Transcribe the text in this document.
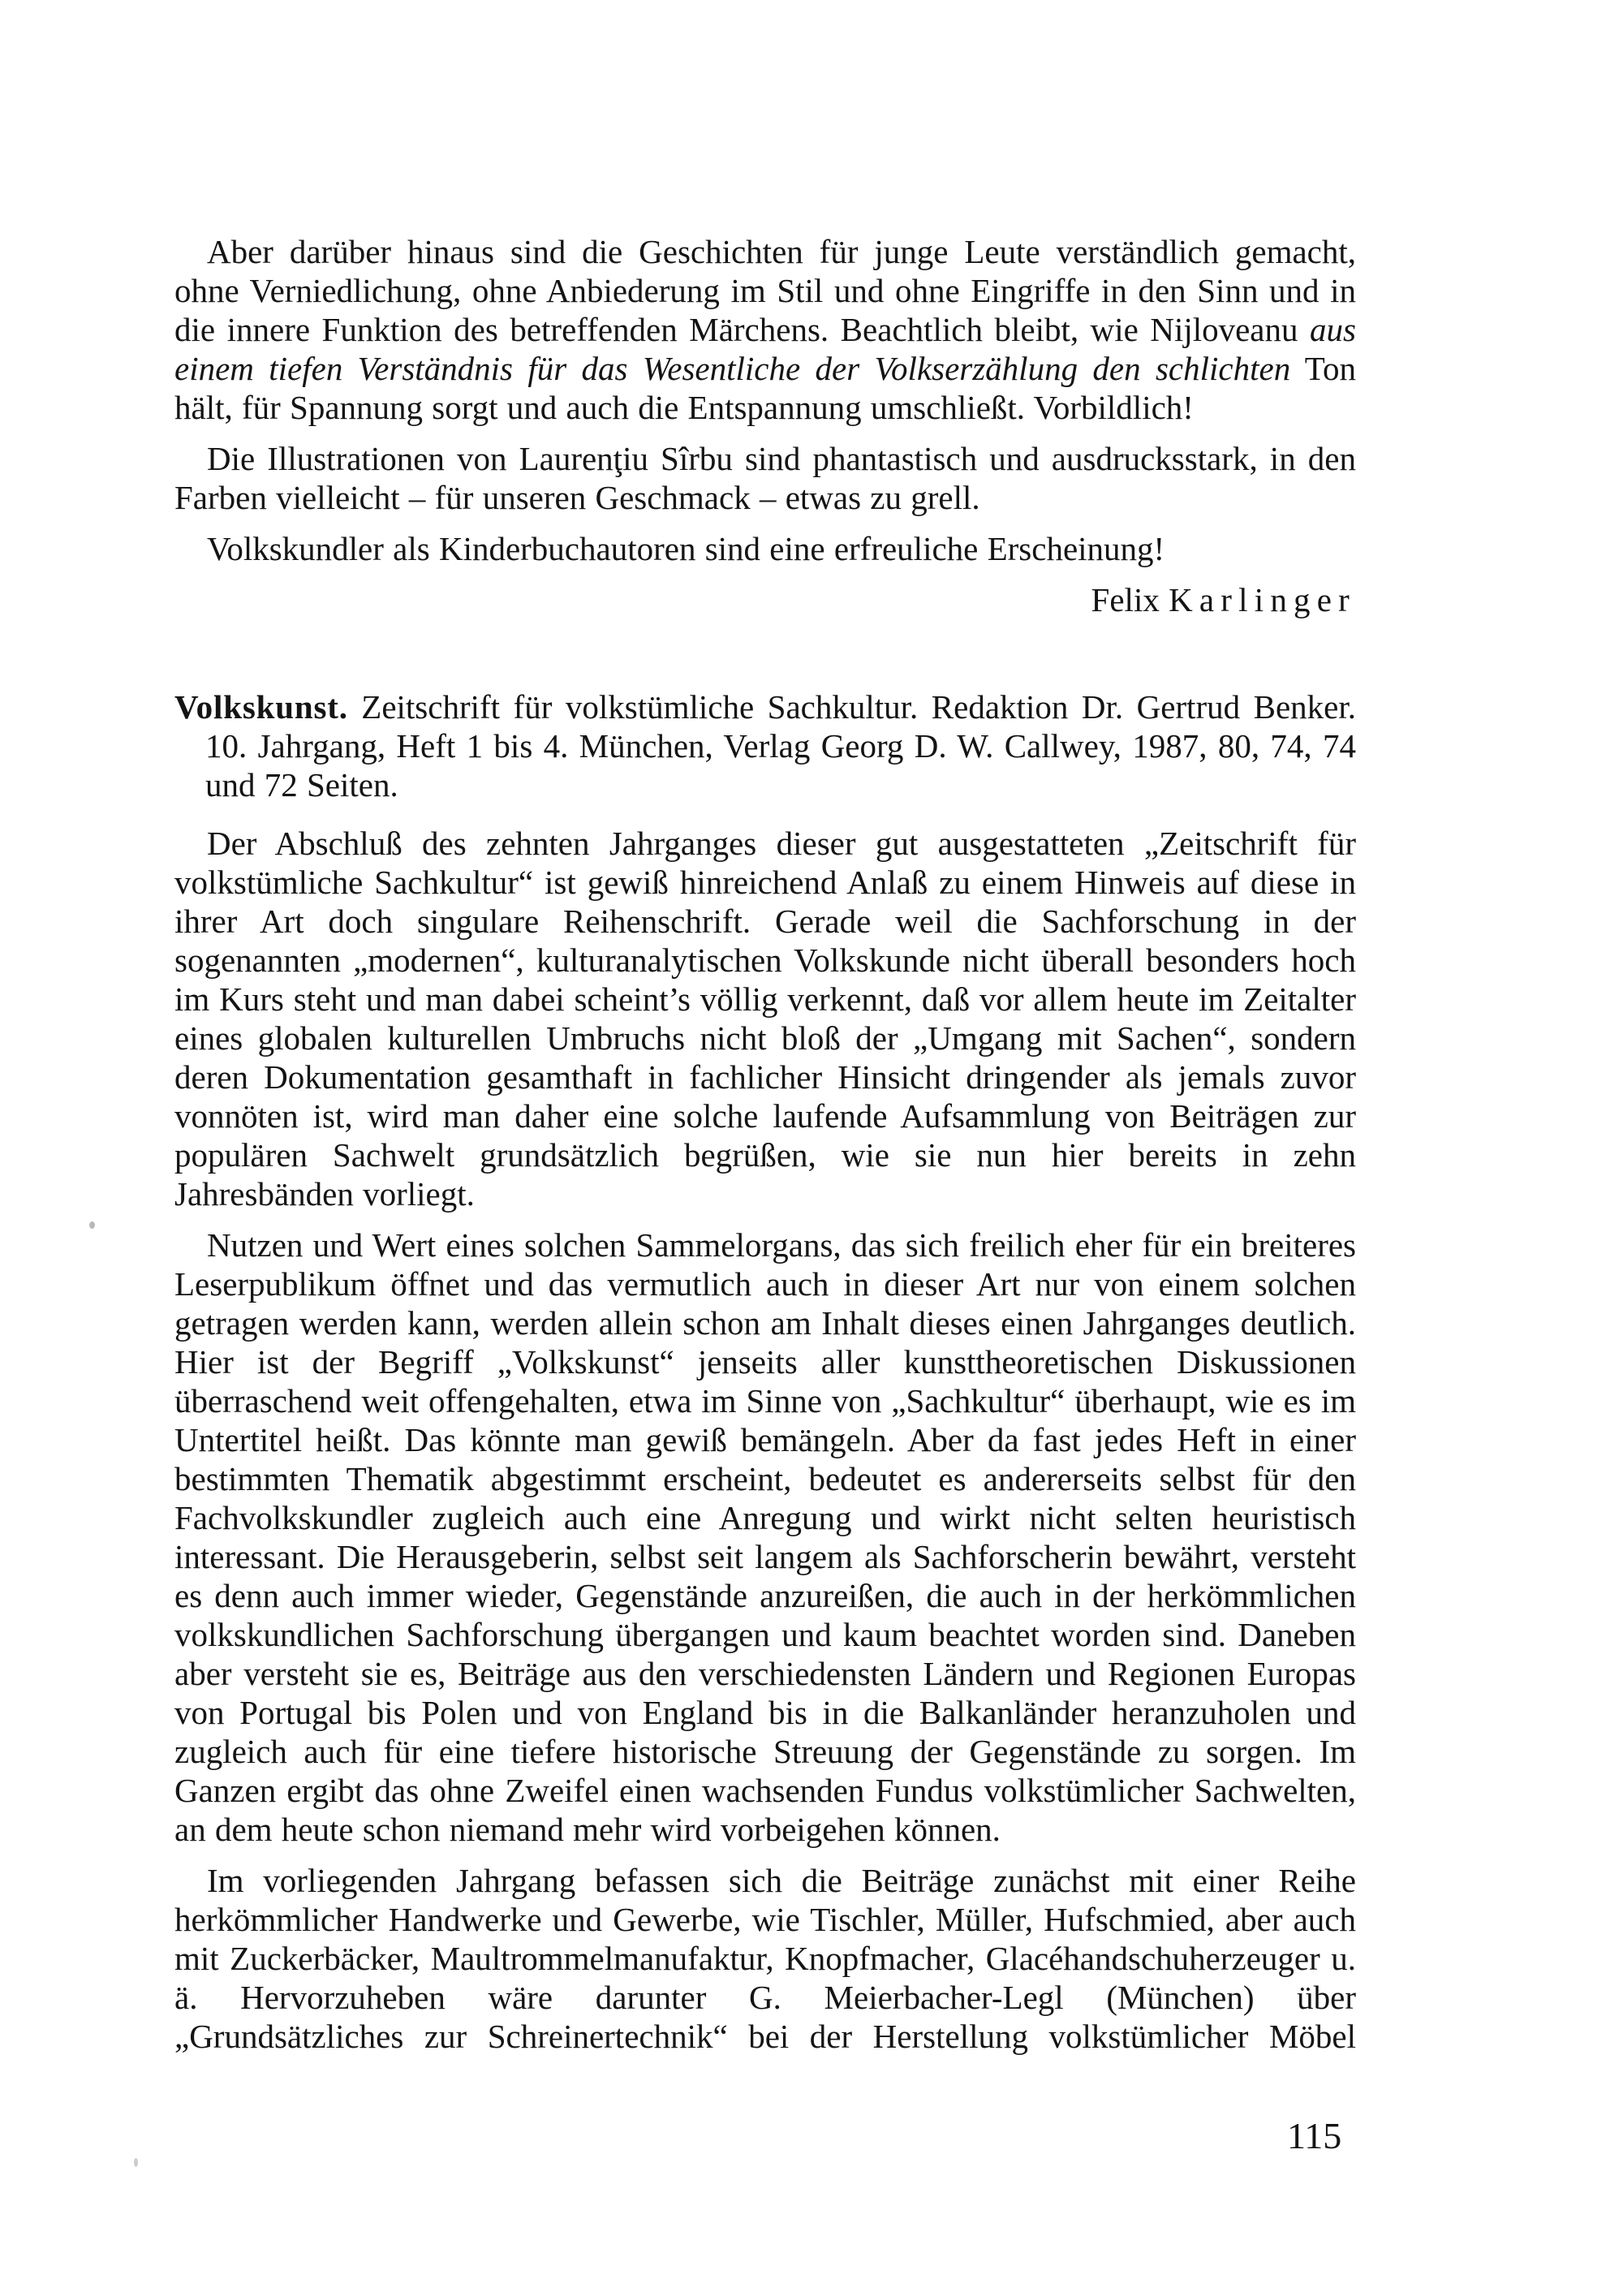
Aber darüber hinaus sind die Geschichten für junge Leute verständlich gemacht, ohne Verniedlichung, ohne Anbiederung im Stil und ohne Eingriffe in den Sinn und in die innere Funktion des betreffenden Märchens. Beachtlich bleibt, wie Nijloveanu aus einem tiefen Verständnis für das Wesentliche der Volkserzählung den schlichten Ton hält, für Spannung sorgt und auch die Entspannung umschließt. Vorbildlich!

Die Illustrationen von Laurenţiu Sîrbu sind phantastisch und ausdrucksstark, in den Farben vielleicht – für unseren Geschmack – etwas zu grell.

Volkskundler als Kinderbuchautoren sind eine erfreuliche Erscheinung!

Felix Karlinger

Volkskunst. Zeitschrift für volkstümliche Sachkultur. Redaktion Dr. Gertrud Benker. 10. Jahrgang, Heft 1 bis 4. München, Verlag Georg D. W. Callwey, 1987, 80, 74, 74 und 72 Seiten.

Der Abschluß des zehnten Jahrganges dieser gut ausgestatteten „Zeitschrift für volkstümliche Sachkultur“ ist gewiß hinreichend Anlaß zu einem Hinweis auf diese in ihrer Art doch singulare Reihenschrift. Gerade weil die Sachforschung in der sogenannten „modernen“, kulturanalytischen Volkskunde nicht überall besonders hoch im Kurs steht und man dabei scheint’s völlig verkennt, daß vor allem heute im Zeitalter eines globalen kulturellen Umbruchs nicht bloß der „Umgang mit Sachen“, sondern deren Dokumentation gesamthaft in fachlicher Hinsicht dringender als jemals zuvor vonnöten ist, wird man daher eine solche laufende Aufsammlung von Beiträgen zur populären Sachwelt grundsätzlich begrüßen, wie sie nun hier bereits in zehn Jahresbänden vorliegt.

Nutzen und Wert eines solchen Sammelorgans, das sich freilich eher für ein breiteres Leserpublikum öffnet und das vermutlich auch in dieser Art nur von einem solchen getragen werden kann, werden allein schon am Inhalt dieses einen Jahrganges deutlich. Hier ist der Begriff „Volkskunst“ jenseits aller kunsttheoretischen Diskussionen überraschend weit offengehalten, etwa im Sinne von „Sachkultur“ überhaupt, wie es im Untertitel heißt. Das könnte man gewiß bemängeln. Aber da fast jedes Heft in einer bestimmten Thematik abgestimmt erscheint, bedeutet es andererseits selbst für den Fachvolkskundler zugleich auch eine Anregung und wirkt nicht selten heuristisch interessant. Die Herausgeberin, selbst seit langem als Sachforscherin bewährt, versteht es denn auch immer wieder, Gegenstände anzureißen, die auch in der herkömmlichen volkskundlichen Sachforschung übergangen und kaum beachtet worden sind. Daneben aber versteht sie es, Beiträge aus den verschiedensten Ländern und Regionen Europas von Portugal bis Polen und von England bis in die Balkanländer heranzuholen und zugleich auch für eine tiefere historische Streuung der Gegenstände zu sorgen. Im Ganzen ergibt das ohne Zweifel einen wachsenden Fundus volkstümlicher Sachwelten, an dem heute schon niemand mehr wird vorbeigehen können.

Im vorliegenden Jahrgang befassen sich die Beiträge zunächst mit einer Reihe herkömmlicher Handwerke und Gewerbe, wie Tischler, Müller, Hufschmied, aber auch mit Zuckerbäcker, Maultrommelmanufaktur, Knopfmacher, Glacéhandschuherzeuger u. ä. Hervorzuheben wäre darunter G. Meierbacher-Legl (München) über „Grundsätzliches zur Schreinertechnik“ bei der Herstellung volkstümlicher Möbel

115
